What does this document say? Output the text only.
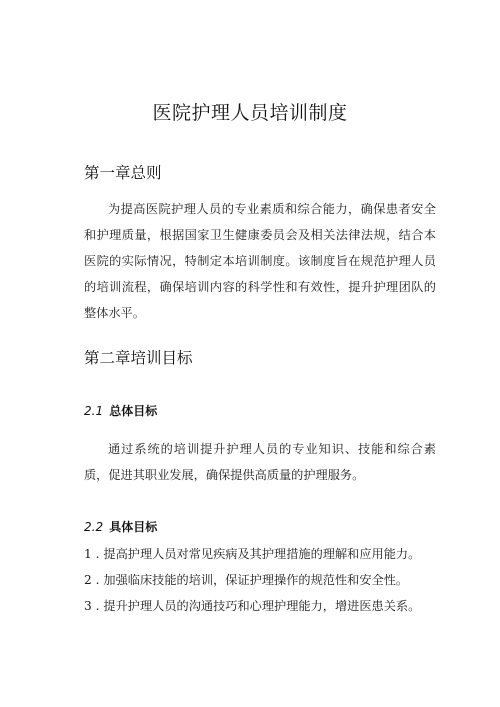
医院护理人员培训制度
第一章总则

为提高医院护理人员的专业素质和综合能力，确保患者安全和护理质量，根据国家卫生健康委员会及相关法律法规，结合本医院的实际情况，特制定本培训制度。该制度旨在规范护理人员的培训流程，确保培训内容的科学性和有效性，提升护理团队的整体水平。

第二章培训目标
2.1 总体目标

通过系统的培训提升护理人员的专业知识、技能和综合素质，促进其职业发展，确保提供高质量的护理服务。

2.2 具体目标
1 . 提高护理人员对常见疾病及其护理措施的理解和应用能力。
2 . 加强临床技能的培训，保证护理操作的规范性和安全性。
3 . 提升护理人员的沟通技巧和心理护理能力，增进医患关系。
